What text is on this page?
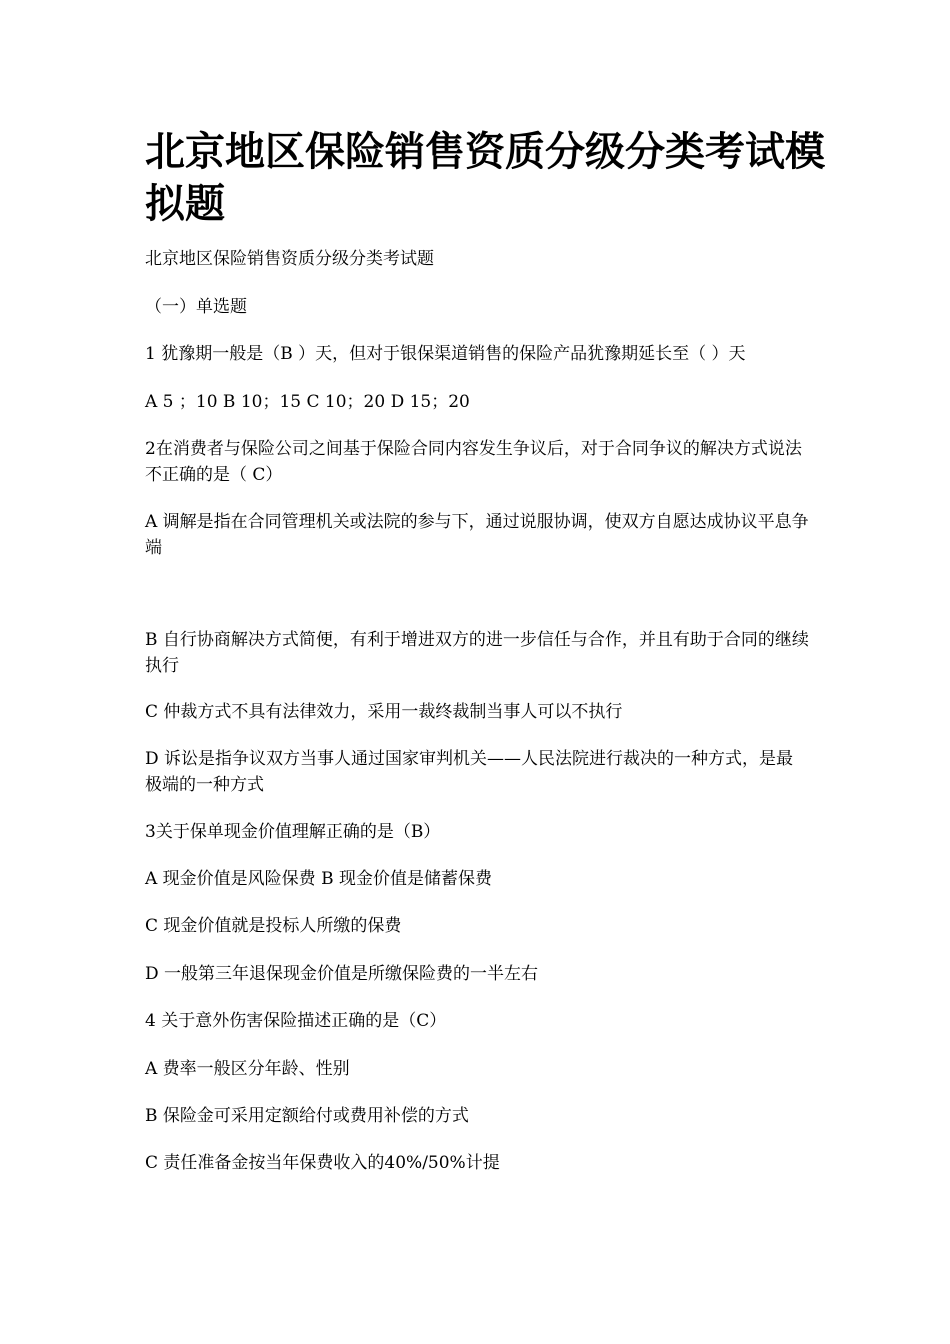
北京地区保险销售资质分级分类考试模拟题

北京地区保险销售资质分级分类考试题

（一）单选题

1 犹豫期一般是（B ）天，但对于银保渠道销售的保险产品犹豫期延长至（ ）天

A 5 ；10 B 10；15 C 10；20 D 15；20

2在消费者与保险公司之间基于保险合同内容发生争议后，对于合同争议的解决方式说法不正确的是（ C）

A 调解是指在合同管理机关或法院的参与下，通过说服协调，使双方自愿达成协议平息争端

B 自行协商解决方式简便，有利于增进双方的进一步信任与合作，并且有助于合同的继续执行

C 仲裁方式不具有法律效力，采用一裁终裁制当事人可以不执行

D 诉讼是指争议双方当事人通过国家审判机关——人民法院进行裁决的一种方式，是最极端的一种方式

3关于保单现金价值理解正确的是（B）

A 现金价值是风险保费 B 现金价值是储蓄保费

C 现金价值就是投标人所缴的保费

D 一般第三年退保现金价值是所缴保险费的一半左右

4 关于意外伤害保险描述正确的是（C）

A 费率一般区分年龄、性别

B 保险金可采用定额给付或费用补偿的方式

C 责任准备金按当年保费收入的40%/50%计提
